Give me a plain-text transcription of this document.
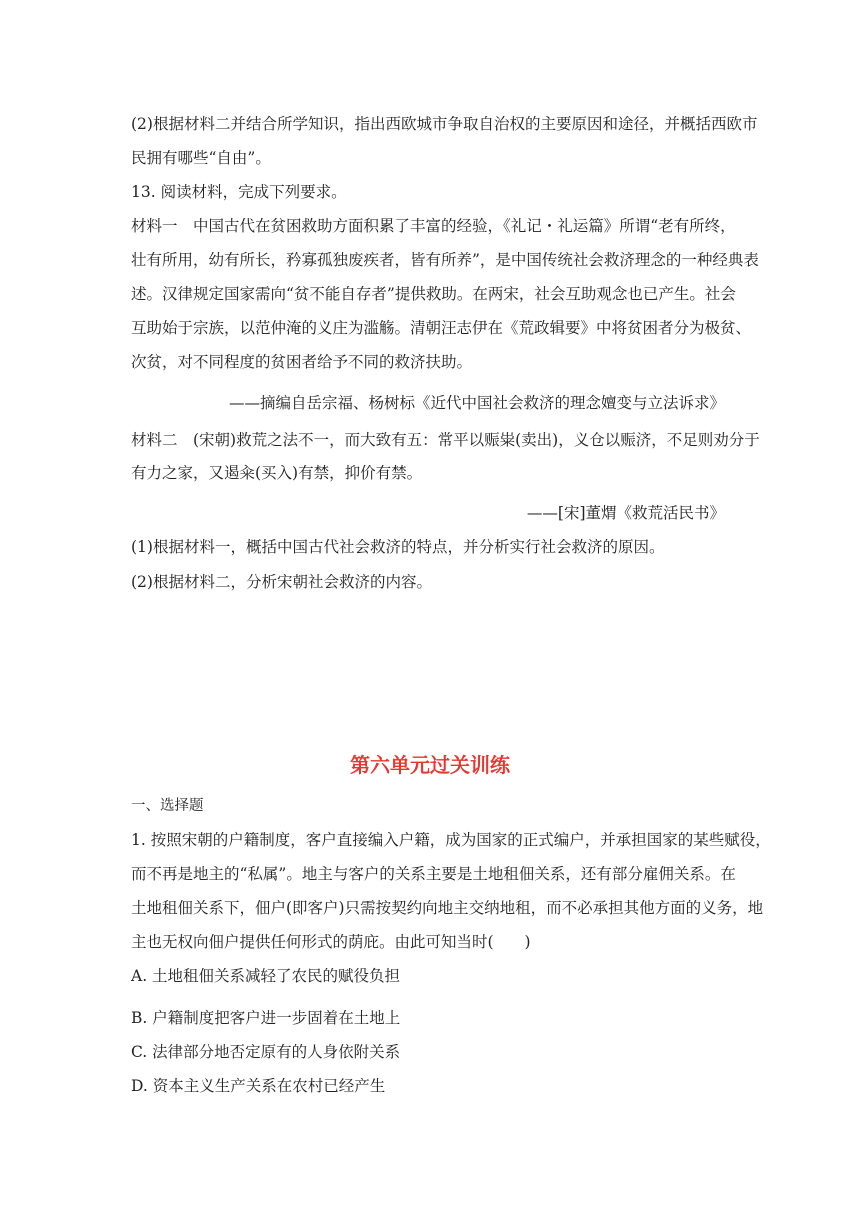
(2)根据材料二并结合所学知识，指出西欧城市争取自治权的主要原因和途径，并概括西欧市
民拥有哪些“自由”。
13. 阅读材料，完成下列要求。
材料一　中国古代在贫困救助方面积累了丰富的经验，《礼记・礼运篇》所谓“老有所终，
壮有所用，幼有所长，矜寡孤独废疾者，皆有所养”，是中国传统社会救济理念的一种经典表
述。汉律规定国家需向“贫不能自存者”提供救助。在两宋，社会互助观念也已产生。社会
互助始于宗族，以范仲淹的义庄为滥觞。清朝汪志伊在《荒政辑要》中将贫困者分为极贫、
次贫，对不同程度的贫困者给予不同的救济扶助。
——摘编自岳宗福、杨树标《近代中国社会救济的理念嬗变与立法诉求》
材料二　(宋朝)救荒之法不一，而大致有五：常平以赈粜(卖出)，义仓以赈济，不足则劝分于
有力之家，又遏籴(买入)有禁，抑价有禁。
——[宋]董煟《救荒活民书》
(1)根据材料一，概括中国古代社会救济的特点，并分析实行社会救济的原因。
(2)根据材料二，分析宋朝社会救济的内容。
第六单元过关训练
一、选择题
1. 按照宋朝的户籍制度，客户直接编入户籍，成为国家的正式编户，并承担国家的某些赋役，
而不再是地主的“私属”。地主与客户的关系主要是土地租佃关系，还有部分雇佣关系。在
土地租佃关系下，佃户(即客户)只需按契约向地主交纳地租，而不必承担其他方面的义务，地
主也无权向佃户提供任何形式的荫庇。由此可知当时(　　)
A. 土地租佃关系减轻了农民的赋役负担
B. 户籍制度把客户进一步固着在土地上
C. 法律部分地否定原有的人身依附关系
D. 资本主义生产关系在农村已经产生
